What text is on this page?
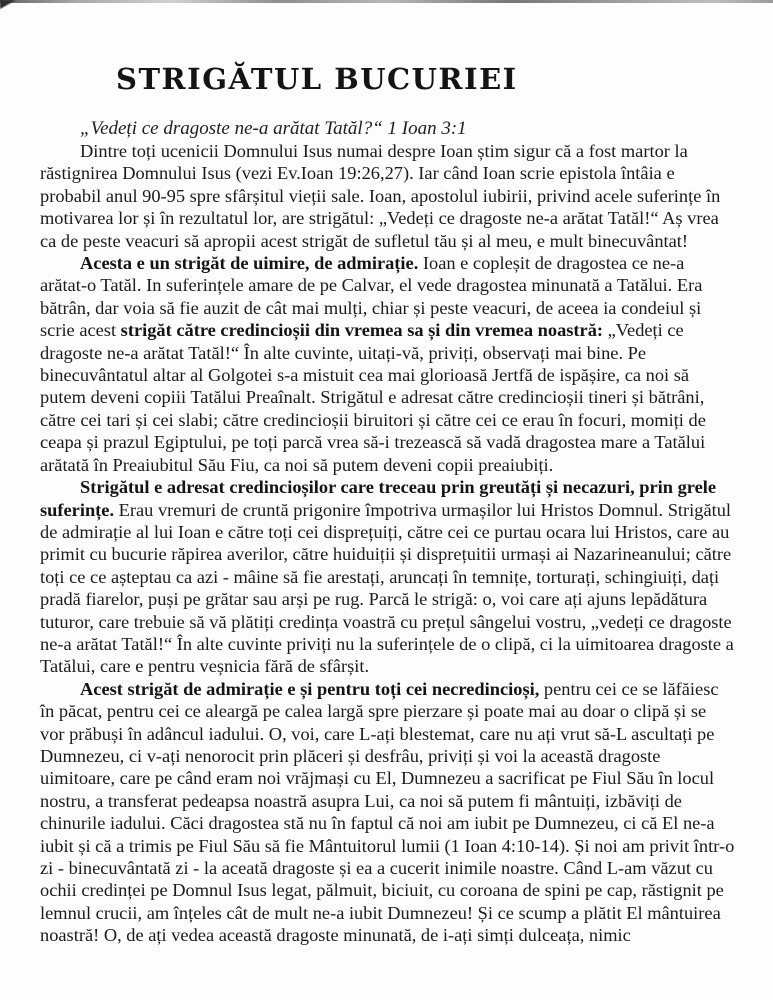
STRIGĂTUL BUCURIEI

„Vedeți ce dragoste ne-a arătat Tatăl?“ 1 Ioan 3:1

Dintre toți ucenicii Domnului Isus numai despre Ioan știm sigur că a fost martor la răstignirea Domnului Isus (vezi Ev.Ioan 19:26,27). Iar când Ioan scrie epistola întâia e probabil anul 90-95 spre sfârșitul vieții sale. Ioan, apostolul iubirii, privind acele suferințe în motivarea lor și în rezultatul lor, are strigătul: „Vedeți ce dragoste ne-a arătat Tatăl!“ Aș vrea ca de peste veacuri să apropii acest strigăt de sufletul tău și al meu, e mult binecuvântat!

Acesta e un strigăt de uimire, de admirație. Ioan e copleșit de dragostea ce ne-a arătat-o Tatăl. In suferințele amare de pe Calvar, el vede dragostea minunată a Tatălui. Era bătrân, dar voia să fie auzit de cât mai mulți, chiar și peste veacuri, de aceea ia condeiul și scrie acest strigăt către credincioșii din vremea sa și din vremea noastră: „Vedeți ce dragoste ne-a arătat Tatăl!“ În alte cuvinte, uitați-vă, priviți, observați mai bine. Pe binecuvântatul altar al Golgotei s-a mistuit cea mai glorioasă Jertfă de ispășire, ca noi să putem deveni copiii Tatălui Preaînalt. Strigătul e adresat către credincioșii tineri și bătrâni, către cei tari și cei slabi; către credincioșii biruitori și către cei ce erau în focuri, momiți de ceapa și prazul Egiptului, pe toți parcă vrea să-i trezească să vadă dragostea mare a Tatălui arătată în Preaiubitul Său Fiu, ca noi să putem deveni copii preaiubiți.

Strigătul e adresat credincioșilor care treceau prin greutăți și necazuri, prin grele suferințe. Erau vremuri de cruntă prigonire împotriva urmașilor lui Hristos Domnul. Strigătul de admirație al lui Ioan e către toți cei disprețuiți, către cei ce purtau ocara lui Hristos, care au primit cu bucurie răpirea averilor, către huiduiții și disprețuitii urmași ai Nazarineanului; către toți ce ce așteptau ca azi - mâine să fie arestați, aruncați în temnițe, torturați, schingiuiți, dați pradă fiarelor, puși pe grătar sau arși pe rug. Parcă le strigă: o, voi care ați ajuns lepădătura tuturor, care trebuie să vă plătiți credința voastră cu prețul sângelui vostru, „vedeți ce dragoste ne-a arătat Tatăl!“ În alte cuvinte priviți nu la suferințele de o clipă, ci la uimitoarea dragoste a Tatălui, care e pentru veșnicia fără de sfârșit.

Acest strigăt de admirație e și pentru toți cei necredincioși, pentru cei ce se lăfăiesc în păcat, pentru cei ce aleargă pe calea largă spre pierzare și poate mai au doar o clipă și se vor prăbuși în adâncul iadului. O, voi, care L-ați blestemat, care nu ați vrut să-L ascultați pe Dumnezeu, ci v-ați nenorocit prin plăceri și desfrâu, priviți și voi la această dragoste uimitoare, care pe când eram noi vrăjmași cu El, Dumnezeu a sacrificat pe Fiul Său în locul nostru, a transferat pedeapsa noastră asupra Lui, ca noi să putem fi mântuiți, izbăviți de chinurile iadului. Căci dragostea stă nu în faptul că noi am iubit pe Dumnezeu, ci că El ne-a iubit și că a trimis pe Fiul Său să fie Mântuitorul lumii (1 Ioan 4:10-14). Și noi am privit într-o zi - binecuvântată zi - la aceată dragoste și ea a cucerit inimile noastre. Când L-am văzut cu ochii credinței pe Domnul Isus legat, pălmuit, biciuit, cu coroana de spini pe cap, răstignit pe lemnul crucii, am înțeles cât de mult ne-a iubit Dumnezeu! Și ce scump a plătit El mântuirea noastră! O, de ați vedea această dragoste minunată, de i-ați simți dulceața, nimic
